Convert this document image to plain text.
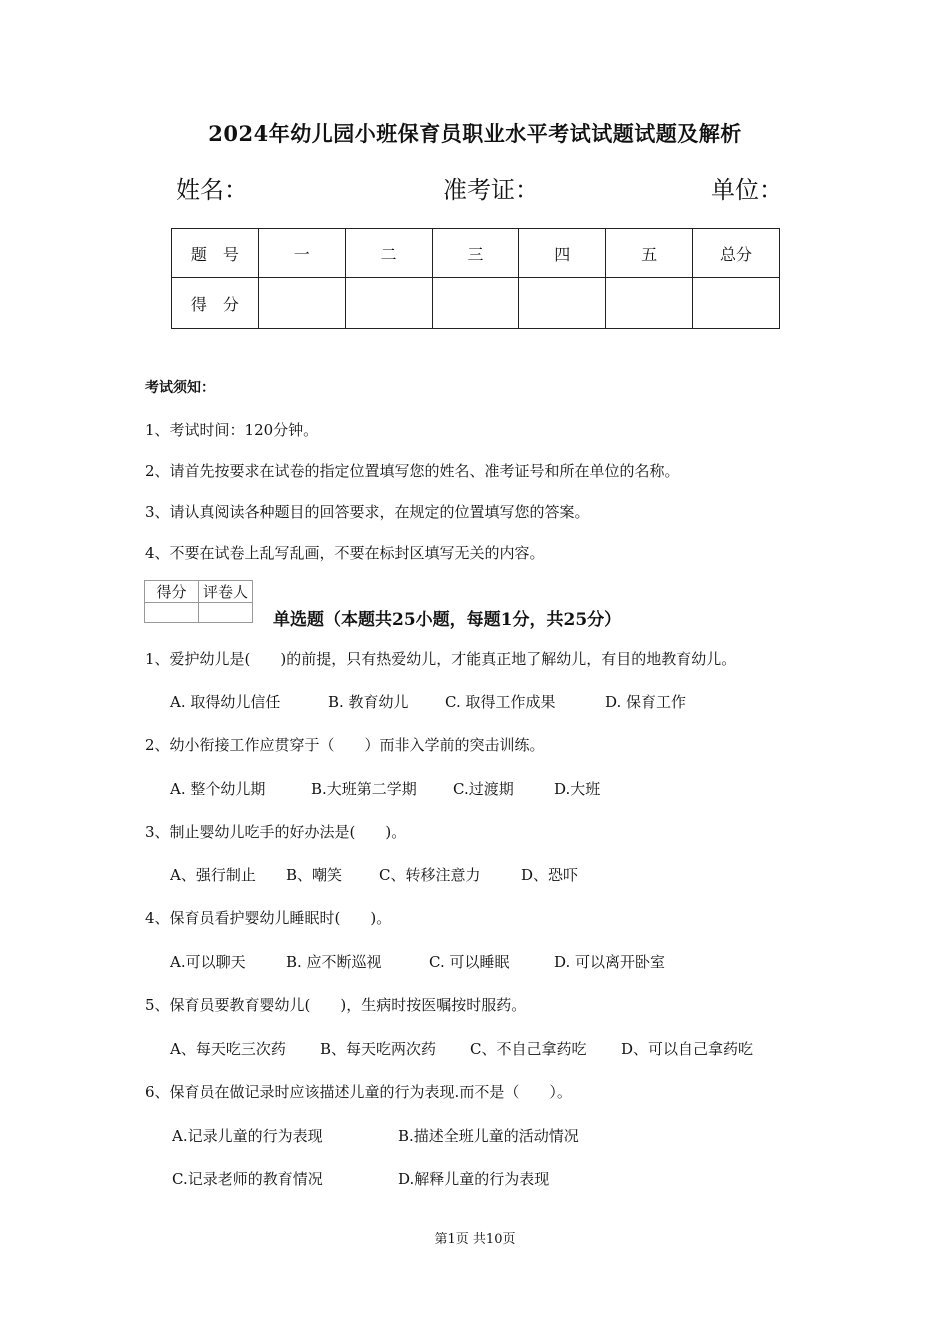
2024年幼儿园小班保育员职业水平考试试题试题及解析
姓名：	准考证：	单位：
题　号	一	二	三	四	五	总分
得　分						
考试须知：
1、考试时间：120分钟。
2、请首先按要求在试卷的指定位置填写您的姓名、准考证号和所在单位的名称。
3、请认真阅读各种题目的回答要求，在规定的位置填写您的答案。
4、不要在试卷上乱写乱画，不要在标封区填写无关的内容。
得分	评卷人

单选题（本题共25小题，每题1分，共25分）
1、爱护幼儿是(　　)的前提，只有热爱幼儿，才能真正地了解幼儿，有目的地教育幼儿。
A. 取得幼儿信任	B. 教育幼儿 C. 取得工作成果	D. 保育工作
2、幼小衔接工作应贯穿于（　　）而非入学前的突击训练。
A. 整个幼儿期	B.大班第二学期 C.过渡期	D.大班
3、制止婴幼儿吃手的好办法是(　　)。
A、强行制止 B、嘲笑 C、转移注意力	D、恐吓
4、保育员看护婴幼儿睡眠时(　　)。
A.可以聊天	B. 应不断巡视	C. 可以睡眠	D. 可以离开卧室
5、保育员要教育婴幼儿(　　)，生病时按医嘱按时服药。
A、每天吃三次药 B、每天吃两次药 C、不自己拿药吃 D、可以自己拿药吃
6、保育员在做记录时应该描述儿童的行为表现.而不是（　　）。
A.记录儿童的行为表现	B.描述全班儿童的活动情况
C.记录老师的教育情况	D.解释儿童的行为表现
第1页 共10页
